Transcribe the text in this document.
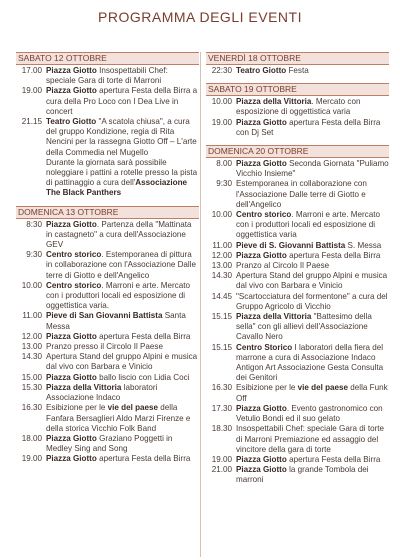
PROGRAMMA DEGLI EVENTI
SABATO 12 OTTOBRE
17.00 Piazza Giotto Insospettabili Chef: speciale Gara di torte di Marroni
19.00 Piazza Giotto apertura Festa della Birra a cura della Pro Loco con I Dea Live in concert
21.15 Teatro Giotto "A scatola chiusa", a cura del gruppo Kondizione, regia di Rita Nencini per la rassegna Giotto Off – L'arte della Commedia nel Mugello
Durante la giornata sarà possibile noleggiare i pattini a rotelle presso la pista di pattinaggio a cura dell'Associazione The Black Panthers
DOMENICA 13 OTTOBRE
8:30 Piazza Giotto. Partenza della "Mattinata in castagneto" a cura dell'Associazione GEV
9:30 Centro storico. Estemporanea di pittura in collaborazione con l'Associazione Dalle terre di Giotto e dell'Angelico
10.00 Centro storico. Marroni e arte. Mercato con i produttori locali ed esposizione di oggettistica varia.
11.00 Pieve di San Giovanni Battista Santa Messa
12.00 Piazza Giotto apertura Festa della Birra
13.00 Pranzo presso il Circolo Il Paese
14.30 Apertura Stand del gruppo Alpini e musica dal vivo con Barbara e Vinicio
15.00 Piazza Giotto ballo liscio con Lidia Coci
15.30 Piazza della Vittoria laboratori Associazione Indaco
16.30 Esibizione per le vie del paese della Fanfara Bersaglieri Aldo Marzi Firenze e della storica Vicchio Folk Band
18.00 Piazza Giotto Graziano Poggetti in Medley Sing and Song
19.00 Piazza Giotto apertura Festa della Birra
VENERDÌ 18 OTTOBRE
22:30 Teatro Giotto Festa
SABATO 19 OTTOBRE
10.00 Piazza della Vittoria. Mercato con esposizione di oggettistica varia
19.00 Piazza Giotto apertura Festa della Birra con Dj Set
DOMENICA 20 OTTOBRE
8.00 Piazza Giotto Seconda Giornata "Puliamo Vicchio Insieme"
9:30 Estemporanea in collaborazione con l'Associazione Dalle terre di Giotto e dell'Angelico
10.00 Centro storico. Marroni e arte. Mercato con i produttori locali ed esposizione di oggettistica varia
11.00 Pieve di S. Giovanni Battista S. Messa
12.00 Piazza Giotto apertura Festa della Birra
13.00 Pranzo al Circolo Il Paese
14.30 Apertura Stand del gruppo Alpini e musica dal vivo con Barbara e Vinicio
14.45 "Scartocciatura del formentone" a cura del Gruppo Agricolo di Vicchio
15.15 Piazza della Vittoria "Battesimo della sella" con gli allievi dell'Associazione Cavallo Nero
15.15 Centro Storico I laboratori della fiera del marrone a cura di Associazione Indaco Antigon Art Associazione Gesta Consulta dei Genitori
16.30 Esibizione per le vie del paese della Funk Off
17.30 Piazza Giotto. Evento gastronomico con Vetulio Bondi ed il suo gelato
18.30 Insospettabili Chef: speciale Gara di torte di Marroni Premiazione ed assaggio del vincitore della gara di torte
19.00 Piazza Giotto apertura Festa della Birra
21.00 Piazza Giotto la grande Tombola dei marroni
